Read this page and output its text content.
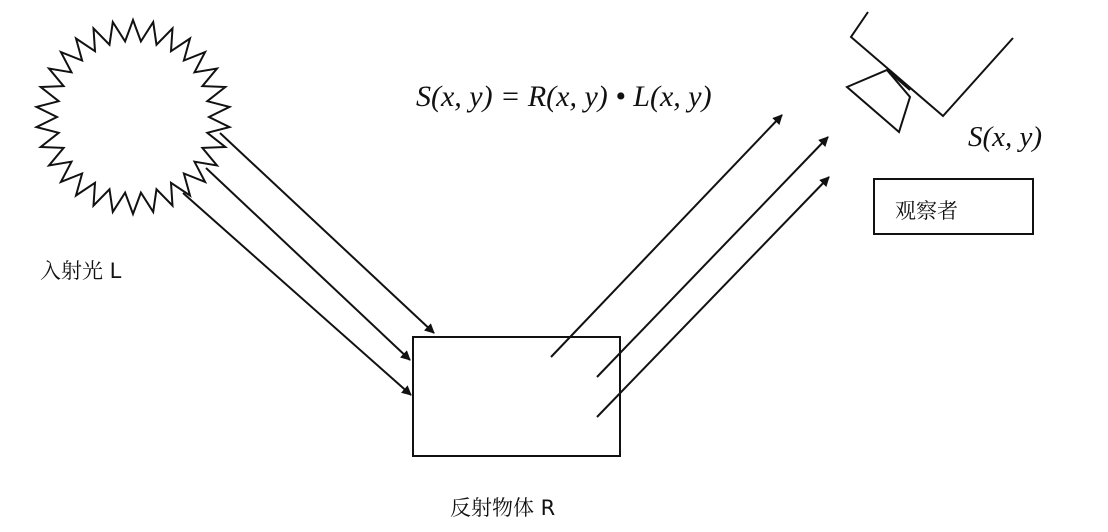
S(x, y) = R(x, y) • L(x, y)
S(x, y)
入射光 L
反射物体 R
观察者
